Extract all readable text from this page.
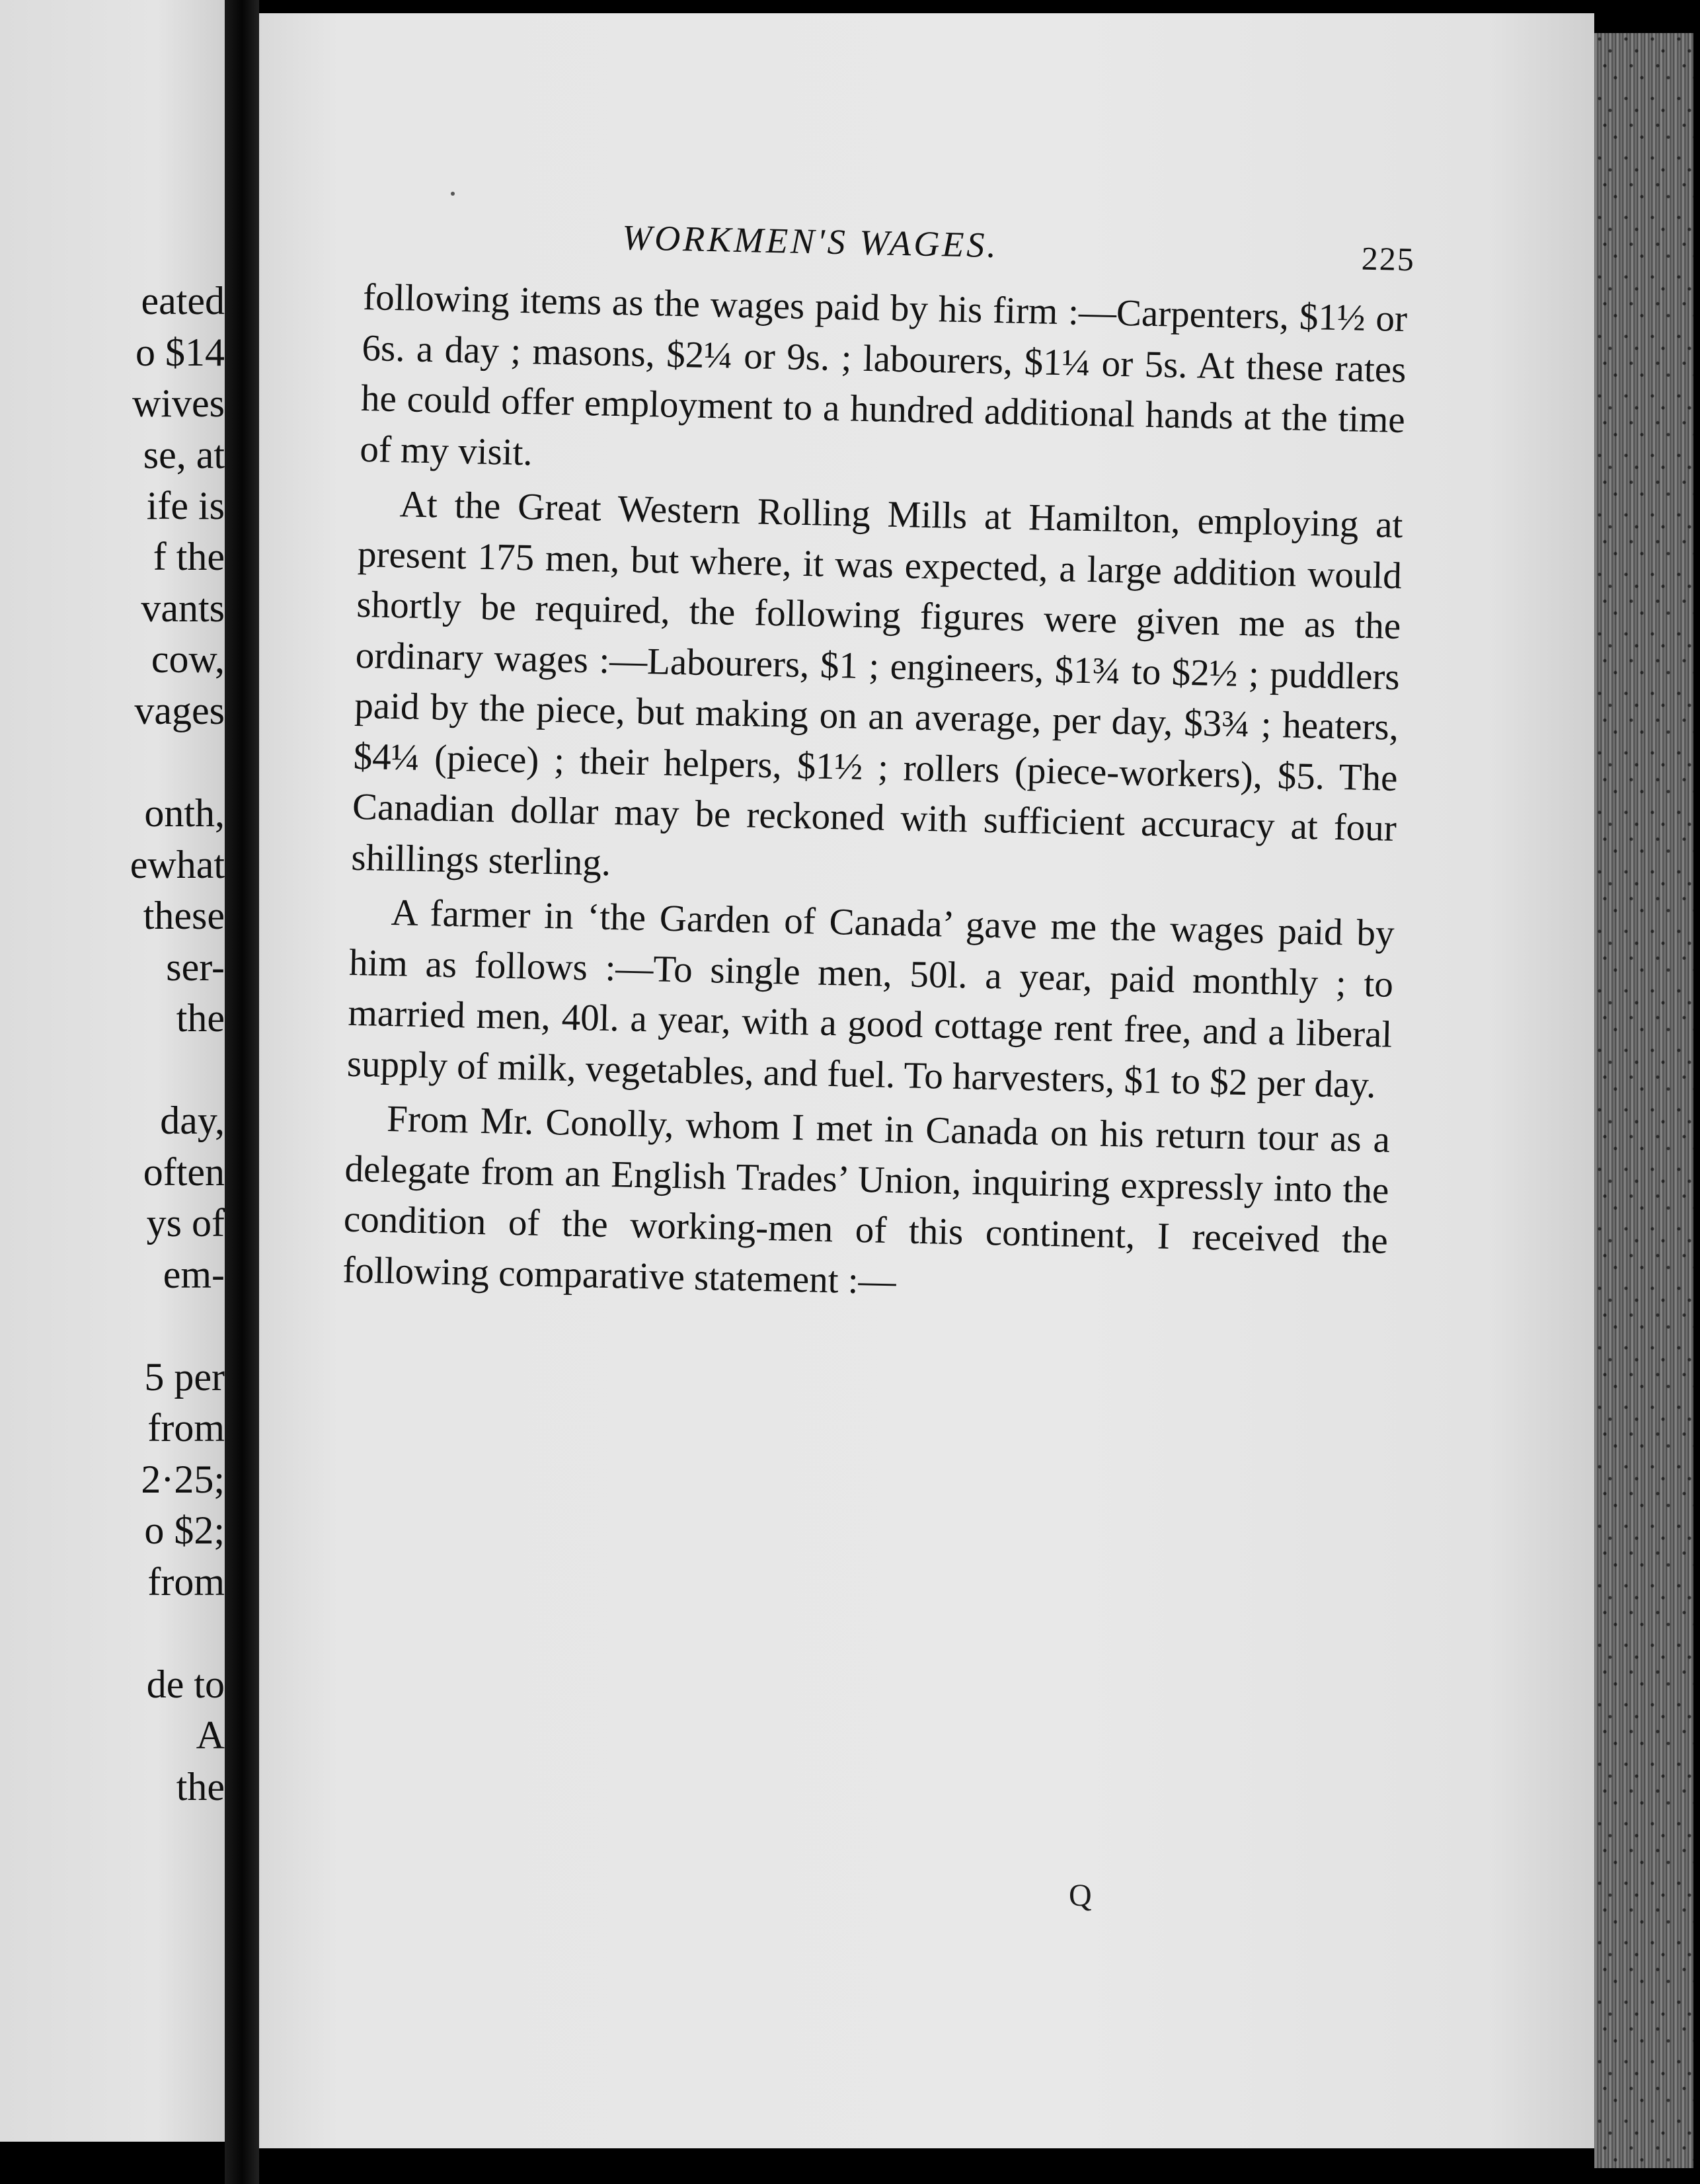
eated

o $14

wives

se, at

ife is

f the

vants

cow,

vages

onth,

ewhat

these

ser-

the

day,

often

ys of

em-

5 per

from

2·25;

o $2;

from

de to

A

the

WORKMEN'S WAGES.	225

following items as the wages paid by his firm :—Carpenters, $1½ or 6s. a day ; masons, $2¼ or 9s. ; labourers, $1¼ or 5s. At these rates he could offer employment to a hundred additional hands at the time of my visit.

At the Great Western Rolling Mills at Hamilton, employing at present 175 men, but where, it was expected, a large addition would shortly be required, the following figures were given me as the ordinary wages :—Labourers, $1 ; engineers, $1¾ to $2½ ; puddlers paid by the piece, but making on an average, per day, $3¾ ; heaters, $4¼ (piece) ; their helpers, $1½ ; rollers (piece-workers), $5. The Canadian dollar may be reckoned with sufficient accuracy at four shillings sterling.

A farmer in ‘the Garden of Canada’ gave me the wages paid by him as follows :—To single men, 50l. a year, paid monthly ; to married men, 40l. a year, with a good cottage rent free, and a liberal supply of milk, vegetables, and fuel. To harvesters, $1 to $2 per day.

From Mr. Conolly, whom I met in Canada on his return tour as a delegate from an English Trades’ Union, inquiring expressly into the condition of the working-men of this continent, I received the following comparative statement :—

Q
